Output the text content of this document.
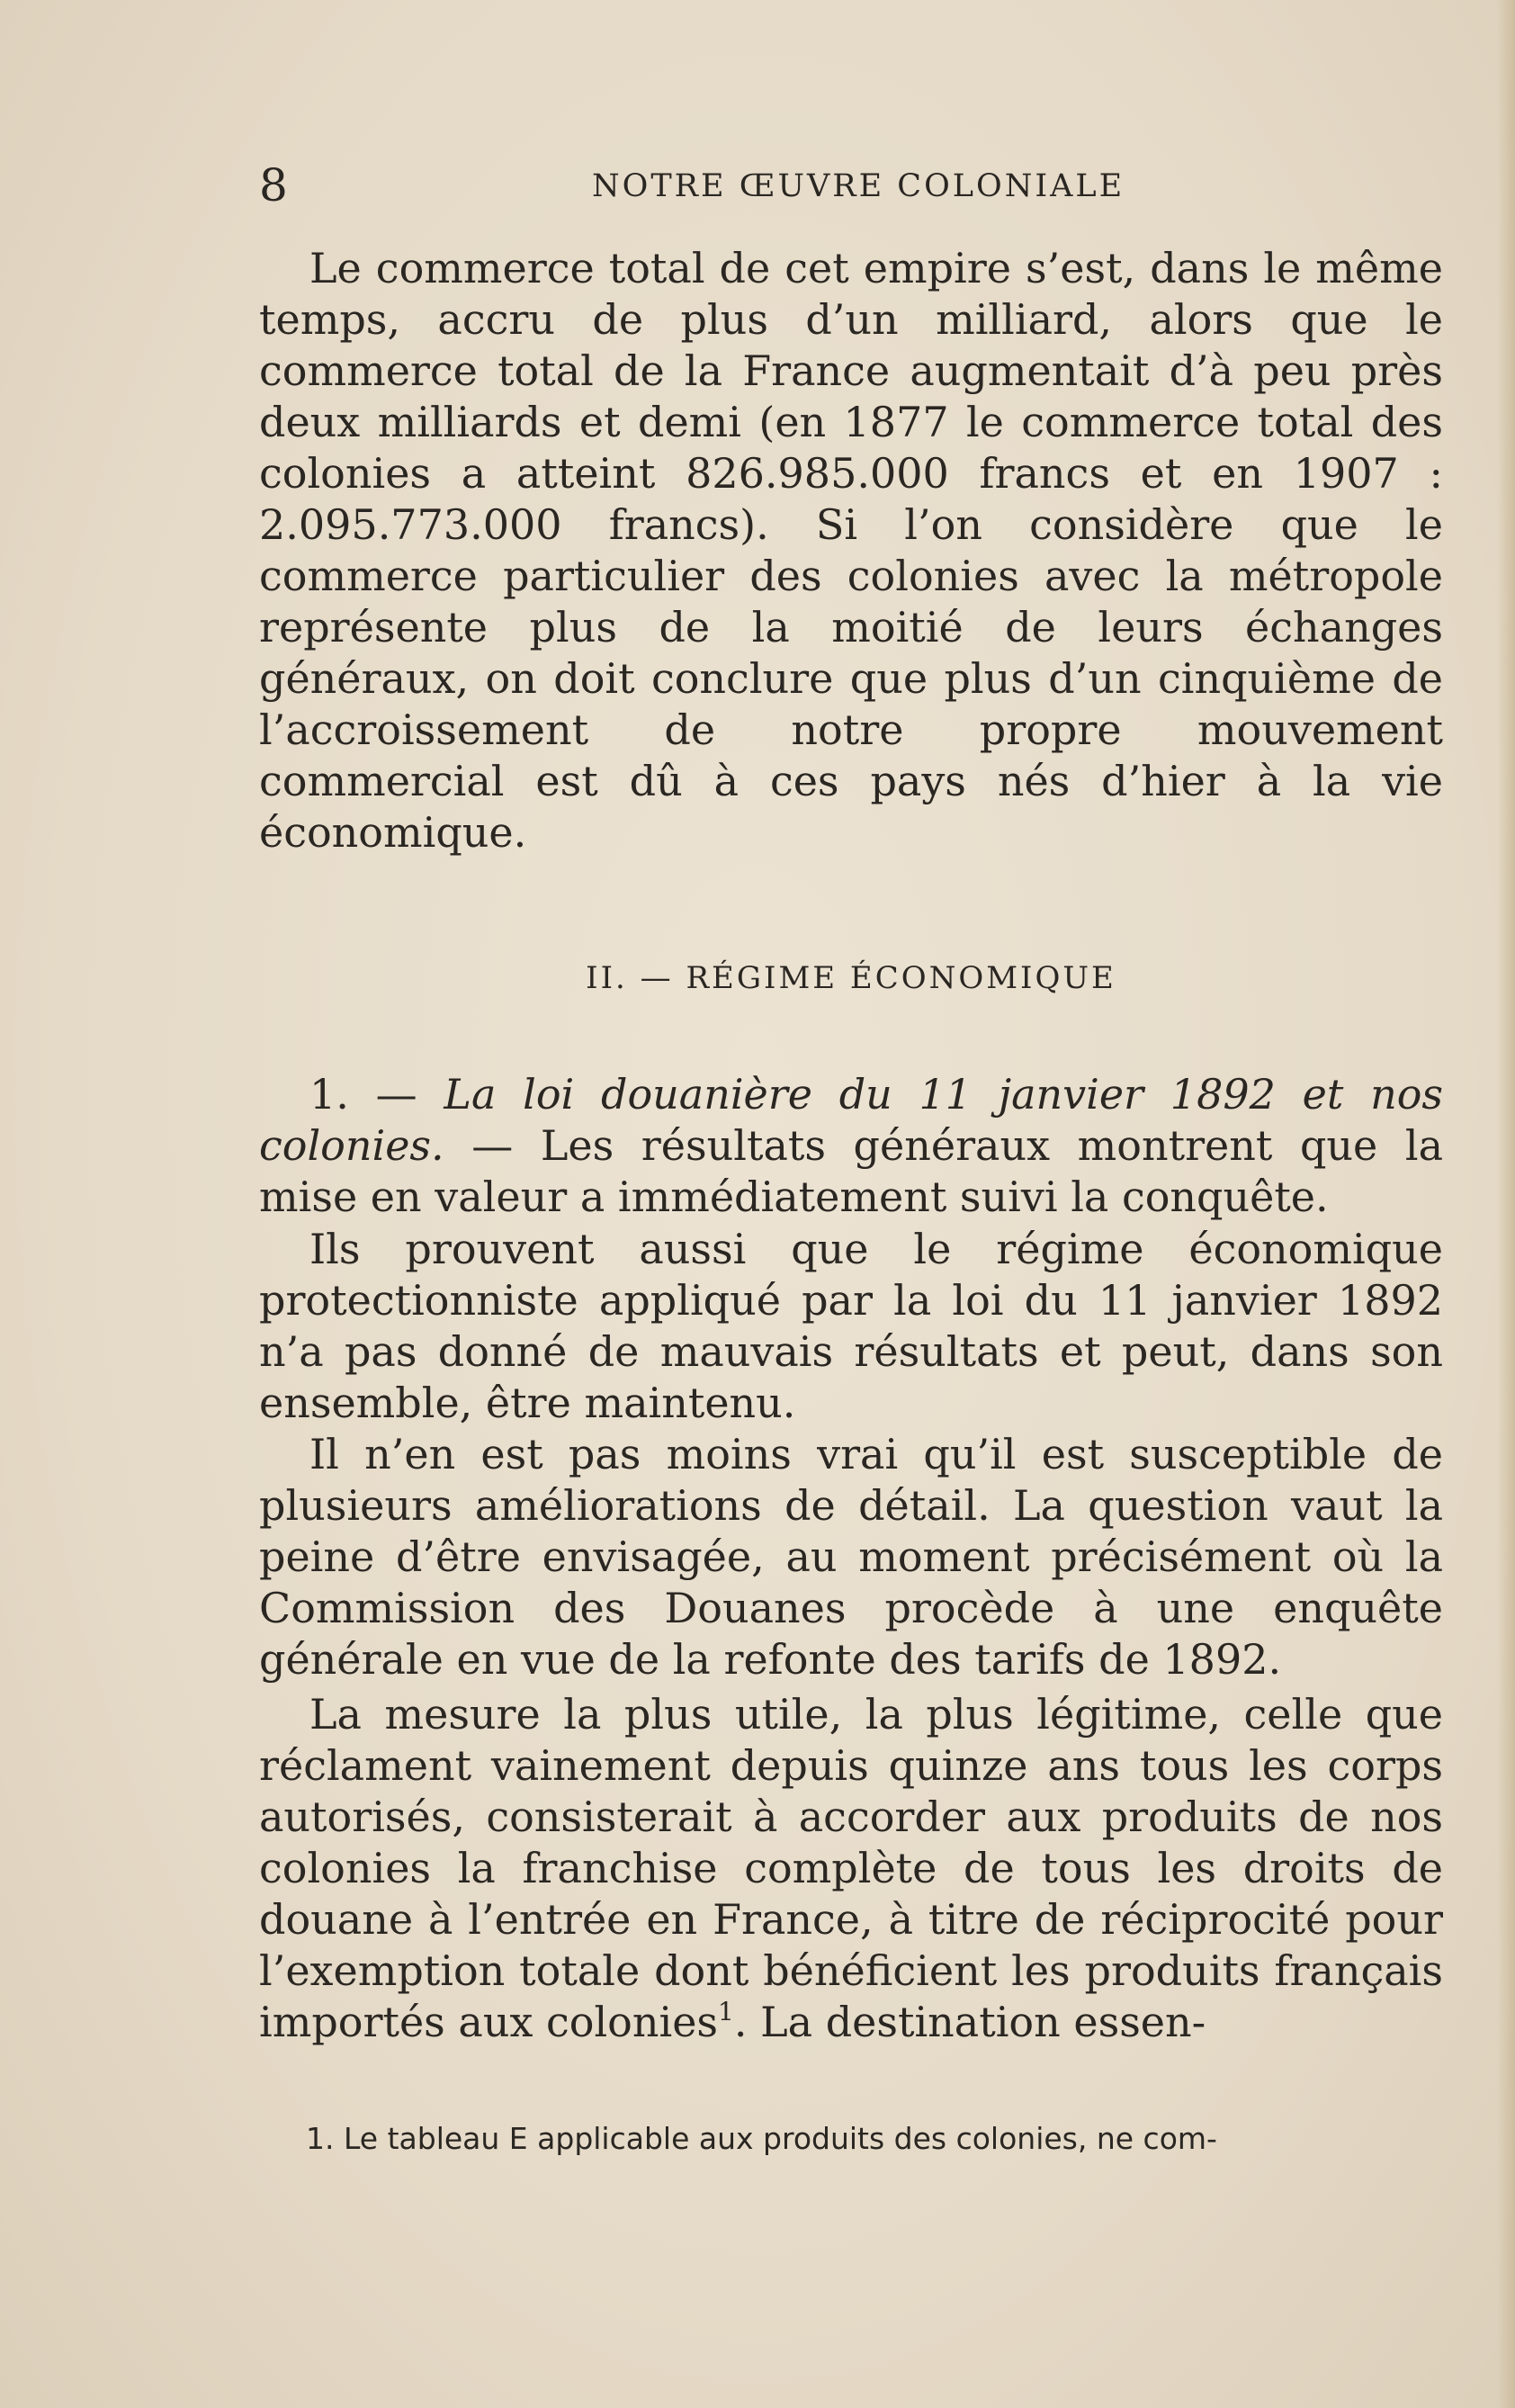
8	NOTRE ŒUVRE COLONIALE

Le commerce total de cet empire s’est, dans le même temps, accru de plus d’un milliard, alors que le commerce total de la France augmentait d’à peu près deux milliards et demi (en 1877 le commerce total des colonies a atteint 826.985.000 francs et en 1907 : 2.095.773.000 francs). Si l’on considère que le commerce particulier des colonies avec la métropole représente plus de la moitié de leurs échanges généraux, on doit conclure que plus d’un cinquième de l’accroissement de notre propre mouvement commercial est dû à ces pays nés d’hier à la vie économique.

II. — RÉGIME ÉCONOMIQUE

1. — La loi douanière du 11 janvier 1892 et nos colonies. — Les résultats généraux montrent que la mise en valeur a immédiatement suivi la conquête.

Ils prouvent aussi que le régime économique protectionniste appliqué par la loi du 11 janvier 1892 n’a pas donné de mauvais résultats et peut, dans son ensemble, être maintenu.

Il n’en est pas moins vrai qu’il est susceptible de plusieurs améliorations de détail. La question vaut la peine d’être envisagée, au moment précisément où la Commission des Douanes procède à une enquête générale en vue de la refonte des tarifs de 1892.

La mesure la plus utile, la plus légitime, celle que réclament vainement depuis quinze ans tous les corps autorisés, consisterait à accorder aux produits de nos colonies la franchise complète de tous les droits de douane à l’entrée en France, à titre de réciprocité pour l’exemption totale dont bénéficient les produits français importés aux colonies$^1$. La destination essen-

1. Le tableau E applicable aux produits des colonies, ne com-
